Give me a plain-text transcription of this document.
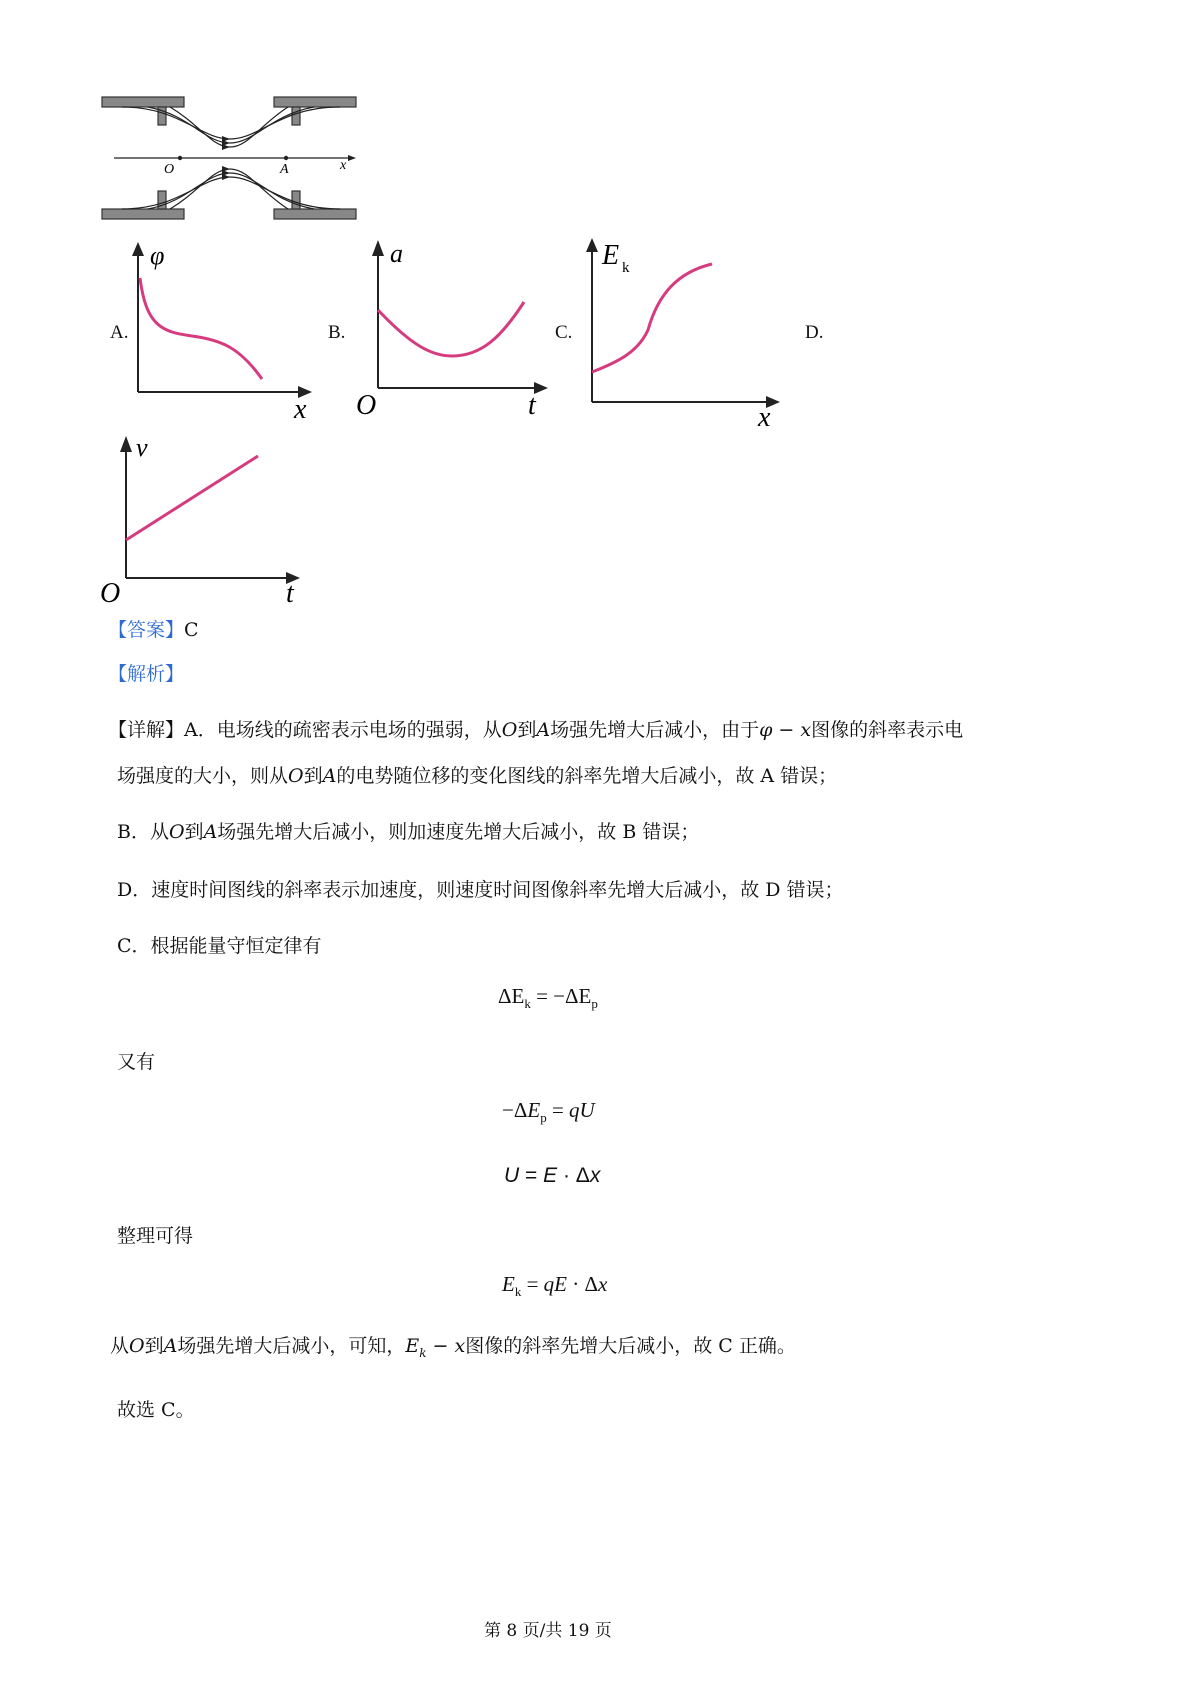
O	A	x
A.	B.	C.	D.
φ
x
a
O	t
E k
x
v
O	t
【答案】C
【解析】
【详解】A．电场线的疏密表示电场的强弱，从O到A场强先增大后减小，由于φ − x图像的斜率表示电
场强度的大小，则从O到A的电势随位移的变化图线的斜率先增大后减小，故 A 错误；
B．从O到A场强先增大后减小，则加速度先增大后减小，故 B 错误；
D．速度时间图线的斜率表示加速度，则速度时间图像斜率先增大后减小，故 D 错误；
C．根据能量守恒定律有
$\Delta E_k = -\Delta E_p$
又有
$-\Delta E_p$ = qU
U = E · Δx
整理可得
$E_k$ = qE · Δx
从O到A场强先增大后减小，可知，$E_k - x$图像的斜率先增大后减小，故 C 正确。
故选 C。
第 8 页/共 19 页
